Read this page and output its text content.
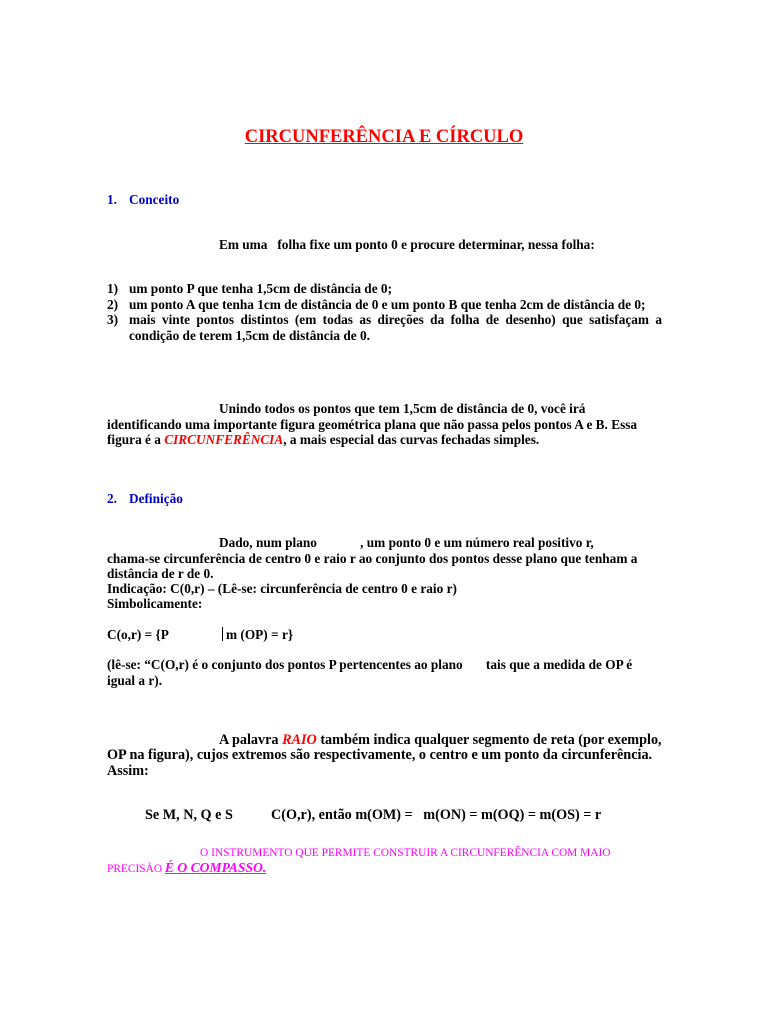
CIRCUNFERÊNCIA E CÍRCULO
1. Conceito
Em uma   folha fixe um ponto 0 e procure determinar, nessa folha:
1) um ponto P que tenha 1,5cm de distância de 0;
2) um ponto A que tenha 1cm de distância de 0 e um ponto B que tenha 2cm de distância de 0;
3) mais vinte pontos distintos (em todas as direções da folha de desenho) que satisfaçam a condição de terem 1,5cm de distância de 0.
Unindo todos os pontos que tem 1,5cm de distância de 0, você irá
identificando uma importante figura geométrica plana que não passa pelos pontos A e B. Essa
figura é a CIRCUNFERÊNCIA, a mais especial das curvas fechadas simples.
2. Definição
Dado, num plano             , um ponto 0 e um número real positivo r,
chama-se circunferência de centro 0 e raio r ao conjunto dos pontos desse plano que tenham a
distância de r de 0.
Indicação: C(0,r) – (Lê-se: circunferência de centro 0 e raio r)
Simbolicamente:
C(o,r) = {P	m (OP) = r}
(lê-se: “C(O,r) é o conjunto dos pontos P pertencentes ao plano       tais que a medida de OP é
igual a r).
A palavra RAIO também indica qualquer segmento de reta (por exemplo,
OP na figura), cujos extremos são respectivamente, o centro e um ponto da circunferência.
Assim:
Se M, N, Q e S	C(O,r), então m(OM) =   m(ON) = m(OQ) = m(OS) = r
O INSTRUMENTO QUE PERMITE CONSTRUIR A CIRCUNFERÊNCIA COM MAIO
PRECISÃO É O COMPASSO.
